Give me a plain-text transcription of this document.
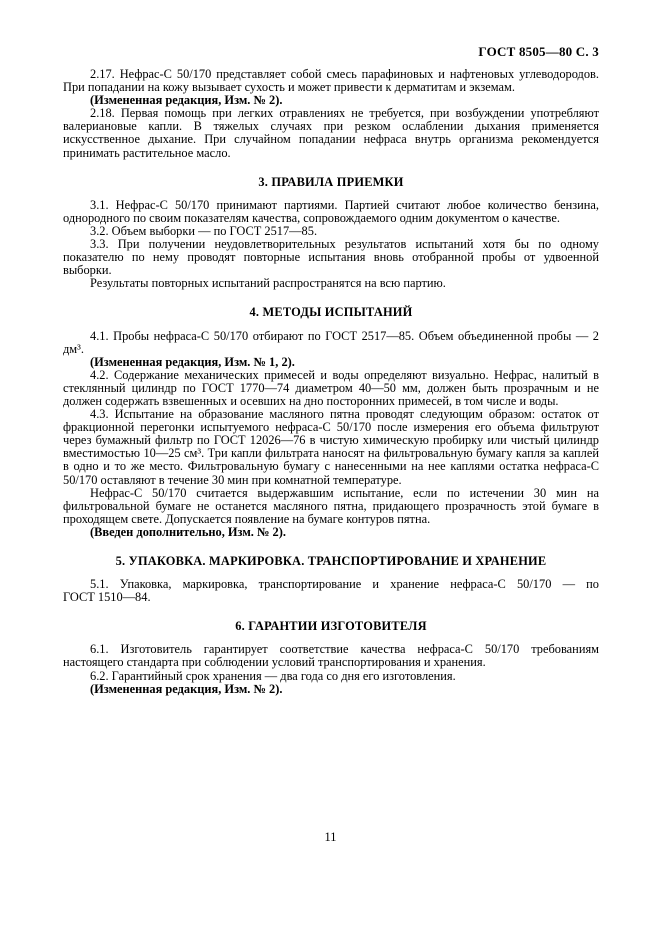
ГОСТ 8505—80 С. 3
2.17. Нефрас-С 50/170 представляет собой смесь парафиновых и нафтеновых углеводородов. При попадании на кожу вызывает сухость и может привести к дерматитам и экземам.
(Измененная редакция, Изм. № 2).
2.18. Первая помощь при легких отравлениях не требуется, при возбуждении употребляют валериановые капли. В тяжелых случаях при резком ослаблении дыхания применяется искусственное дыхание. При случайном попадании нефраса внутрь организма рекомендуется принимать растительное масло.
3. ПРАВИЛА ПРИЕМКИ
3.1. Нефрас-С 50/170 принимают партиями. Партией считают любое количество бензина, однородного по своим показателям качества, сопровождаемого одним документом о качестве.
3.2. Объем выборки — по ГОСТ 2517—85.
3.3. При получении неудовлетворительных результатов испытаний хотя бы по одному показателю по нему проводят повторные испытания вновь отобранной пробы от удвоенной выборки.
Результаты повторных испытаний распространятся на всю партию.
4. МЕТОДЫ ИСПЫТАНИЙ
4.1. Пробы нефраса-С 50/170 отбирают по ГОСТ 2517—85. Объем объединенной пробы — 2 дм³.
(Измененная редакция, Изм. № 1, 2).
4.2. Содержание механических примесей и воды определяют визуально. Нефрас, налитый в стеклянный цилиндр по ГОСТ 1770—74 диаметром 40—50 мм, должен быть прозрачным и не должен содержать взвешенных и осевших на дно посторонних примесей, в том числе и воды.
4.3. Испытание на образование масляного пятна проводят следующим образом: остаток от фракционной перегонки испытуемого нефраса-С 50/170 после измерения его объема фильтруют через бумажный фильтр по ГОСТ 12026—76 в чистую химическую пробирку или чистый цилиндр вместимостью 10—25 см³. Три капли фильтрата наносят на фильтровальную бумагу капля за каплей в одно и то же место. Фильтровальную бумагу с нанесенными на нее каплями остатка нефраса-С 50/170 оставляют в течение 30 мин при комнатной температуре.
Нефрас-С 50/170 считается выдержавшим испытание, если по истечении 30 мин на фильтровальной бумаге не останется масляного пятна, придающего прозрачность этой бумаге в проходящем свете. Допускается появление на бумаге контуров пятна.
(Введен дополнительно, Изм. № 2).
5. УПАКОВКА. МАРКИРОВКА. ТРАНСПОРТИРОВАНИЕ И ХРАНЕНИЕ
5.1. Упаковка, маркировка, транспортирование и хранение нефраса-С 50/170 — по
ГОСТ 1510—84.
6. ГАРАНТИИ ИЗГОТОВИТЕЛЯ
6.1. Изготовитель гарантирует соответствие качества нефраса-С 50/170 требованиям настоящего стандарта при соблюдении условий транспортирования и хранения.
6.2. Гарантийный срок хранения — два года со дня его изготовления.
(Измененная редакция, Изм. № 2).
11
